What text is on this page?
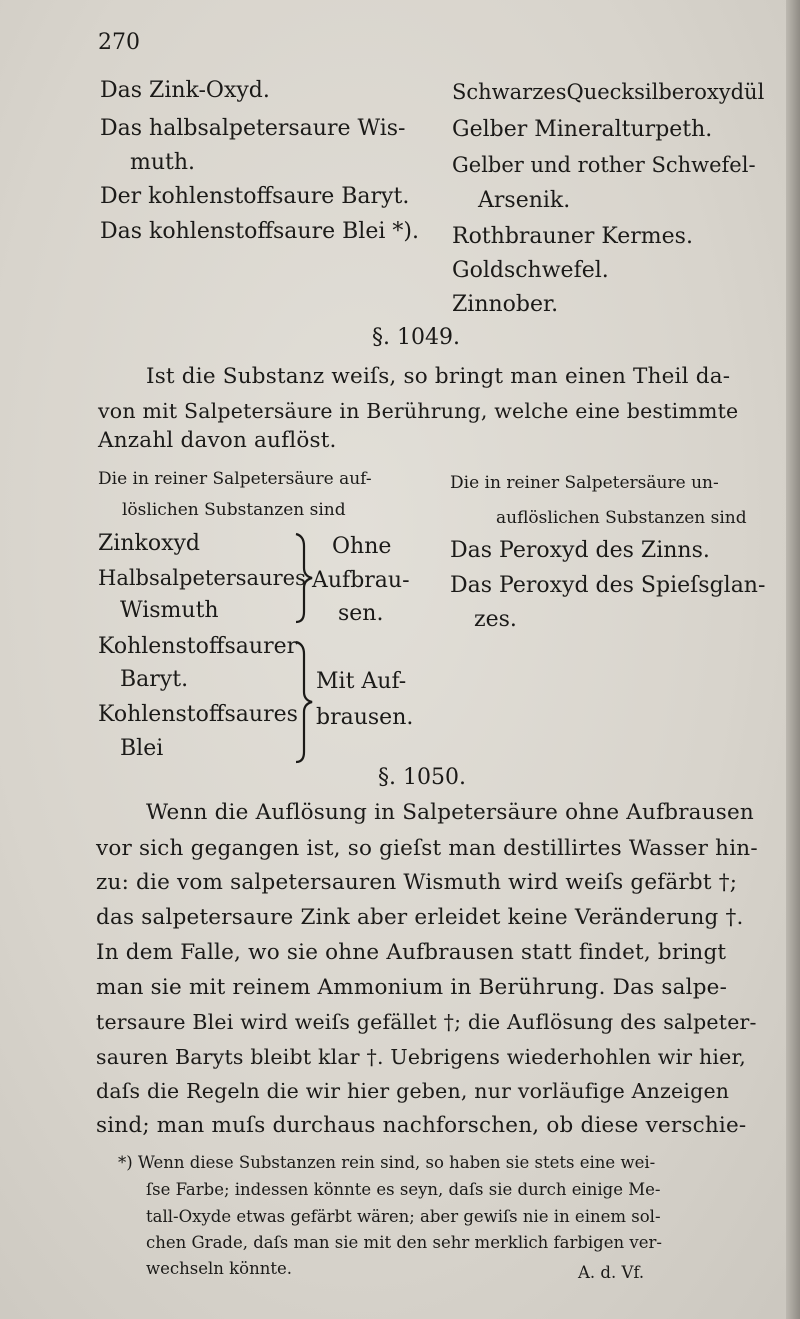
270
Das Zink-Oxyd.
Das halbsalpetersaure Wis-
muth.
Der kohlenstoffsaure Baryt.
Das kohlenstoffsaure Blei *).
SchwarzesQuecksilberoxydül
Gelber Mineralturpeth.
Gelber und rother Schwefel-
Arsenik.
Rothbrauner Kermes.
Goldschwefel.
Zinnober.
§. 1049.
Ist die Substanz weiſs, so bringt man einen Theil da-
von mit Salpetersäure in Berührung, welche eine bestimmte
Anzahl davon auflöst.
Die in reiner Salpetersäure auf-
löslichen Substanzen sind
Die in reiner Salpetersäure un-
auflöslichen Substanzen sind
Zinkoxyd
Halbsalpetersaures
Wismuth
Ohne
Aufbrau-
sen.
Kohlenstoffsaurer
Baryt.
Kohlenstoffsaures
Blei
Mit Auf-
brausen.
Das Peroxyd des Zinns.
Das Peroxyd des Spieſsglan-
zes.
§. 1050.
Wenn die Auflösung in Salpetersäure ohne Aufbrausen
vor sich gegangen ist, so gieſst man destillirtes Wasser hin-
zu: die vom salpetersauren Wismuth wird weiſs gefärbt †;
das salpetersaure Zink aber erleidet keine Veränderung †.
In dem Falle, wo sie ohne Aufbrausen statt findet, bringt
man sie mit reinem Ammonium in Berührung. Das salpe-
tersaure Blei wird weiſs gefället †; die Auflösung des salpeter-
sauren Baryts bleibt klar †. Uebrigens wiederhohlen wir hier,
daſs die Regeln die wir hier geben, nur vorläufige Anzeigen
sind; man muſs durchaus nachforschen, ob diese verschie-
*) Wenn diese Substanzen rein sind, so haben sie stets eine wei-
ſse Farbe; indessen könnte es seyn, daſs sie durch einige Me-
tall-Oxyde etwas gefärbt wären; aber gewiſs nie in einem sol-
chen Grade, daſs man sie mit den sehr merklich farbigen ver-
wechseln könnte.	A. d. Vf.
